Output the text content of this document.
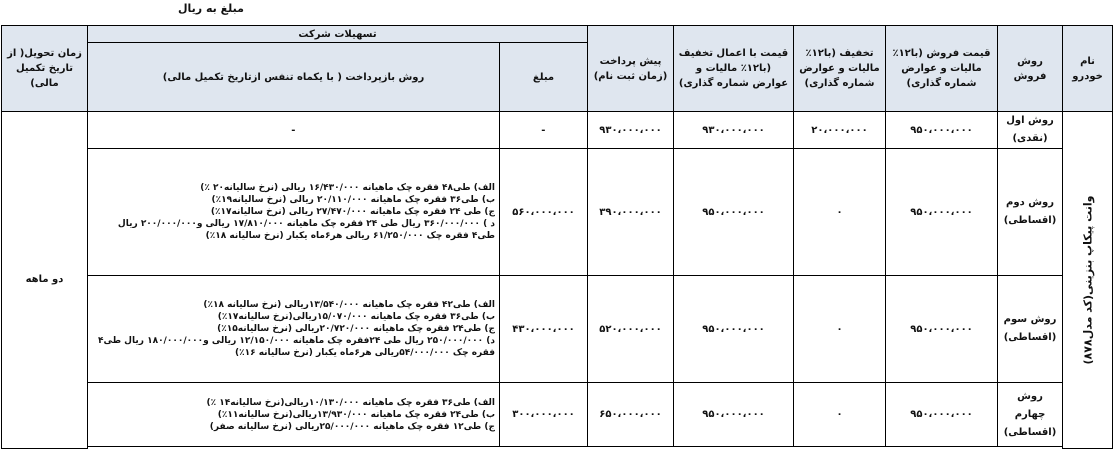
مبلغ به ریال
نام خودرو	روش فروش	قیمت فروش (با۱۲٪ مالیات و عوارض شماره گذاری)	تخفیف (با۱۲٪ مالیات و عوارض شماره گذاری)	قیمت با اعمال تخفیف (با۱۲٪ مالیات و عوارض شماره گذاری)	پیش پرداخت (زمان ثبت نام)	تسهیلات شرکت		زمان تحویل( از تاریخ تکمیل مالی)
						مبلغ	روش بازپرداخت ( با یکماه تنفس ازتاریخ تکمیل مالی)	

وانت پیکاپ بنزینی(کد مدل۸۷۸)	روش اول (نقدی)	۹۵۰،۰۰۰،۰۰۰	۲۰،۰۰۰،۰۰۰	۹۳۰،۰۰۰،۰۰۰	۹۳۰،۰۰۰،۰۰۰	-	-	دو ماهه
	روش دوم (اقساطی)	۹۵۰،۰۰۰،۰۰۰	۰	۹۵۰،۰۰۰،۰۰۰	۳۹۰،۰۰۰،۰۰۰	۵۶۰،۰۰۰،۰۰۰	الف) طی۴۸ فقره چک ماهیانه ۱۶/۴۳۰/۰۰۰ ریالی (نرخ سالیانه۲۰ ٪)
ب) طی۳۶ فقره چک ماهیانه ۲۰/۱۱۰/۰۰۰ ریالی (نرخ سالیانه۱۹٪)
ج) طی ۲۴ فقره چک ماهیانه ۲۷/۴۷۰/۰۰۰ ریالی (نرخ سالیانه۱۷٪)
د ) ۳۶۰/۰۰۰/۰۰۰ ریال طی ۲۴ فقره چک ماهیانه ۱۷/۸۱۰/۰۰۰ ریالی و۲۰۰/۰۰۰/۰۰۰ ریال
طی۴ فقره چک ۶۱/۲۵۰/۰۰۰ ریالی هر۶ماه یکبار (نرخ سالیانه ۱۸٪)	

	روش سوم (اقساطی)	۹۵۰،۰۰۰،۰۰۰	۰	۹۵۰،۰۰۰،۰۰۰	۵۲۰،۰۰۰،۰۰۰	۴۳۰،۰۰۰،۰۰۰	الف) طی۴۲ فقره چک ماهیانه ۱۳/۵۴۰/۰۰۰ریالی (نرخ سالیانه ۱۸٪)
ب) طی۳۶ فقره چک ماهیانه ۱۵/۰۷۰/۰۰۰ریالی(نرخ سالیانه۱۷٪)
ج) طی۲۴ فقره چک ماهیانه ۲۰/۷۲۰/۰۰۰ریالی (نرخ سالیانه۱۵٪)
د) ۲۵۰/۰۰۰/۰۰۰ ریال طی ۲۴فقره چک ماهیانه ۱۲/۱۵۰/۰۰۰ ریالی و۱۸۰/۰۰۰/۰۰۰ ریال طی۴
فقره چک ۵۴/۰۰۰/۰۰۰ریالی هر۶ماه یکبار (نرخ سالیانه ۱۶٪)	

	روش چهارم (اقساطی)	۹۵۰،۰۰۰،۰۰۰	۰	۹۵۰،۰۰۰،۰۰۰	۶۵۰،۰۰۰،۰۰۰	۳۰۰،۰۰۰،۰۰۰	الف) طی۳۶ فقره چک ماهیانه ۱۰/۱۳۰/۰۰۰ریالی(نرخ سالیانه۱۴ ٪)
ب) طی۲۴ فقره چک ماهیانه ۱۳/۹۳۰/۰۰۰ریالی(نرخ سالیانه۱۱٪)
ج) طی۱۲ فقره چک ماهیانه ۲۵/۰۰۰/۰۰۰ریالی (نرخ سالیانه صفر)	
